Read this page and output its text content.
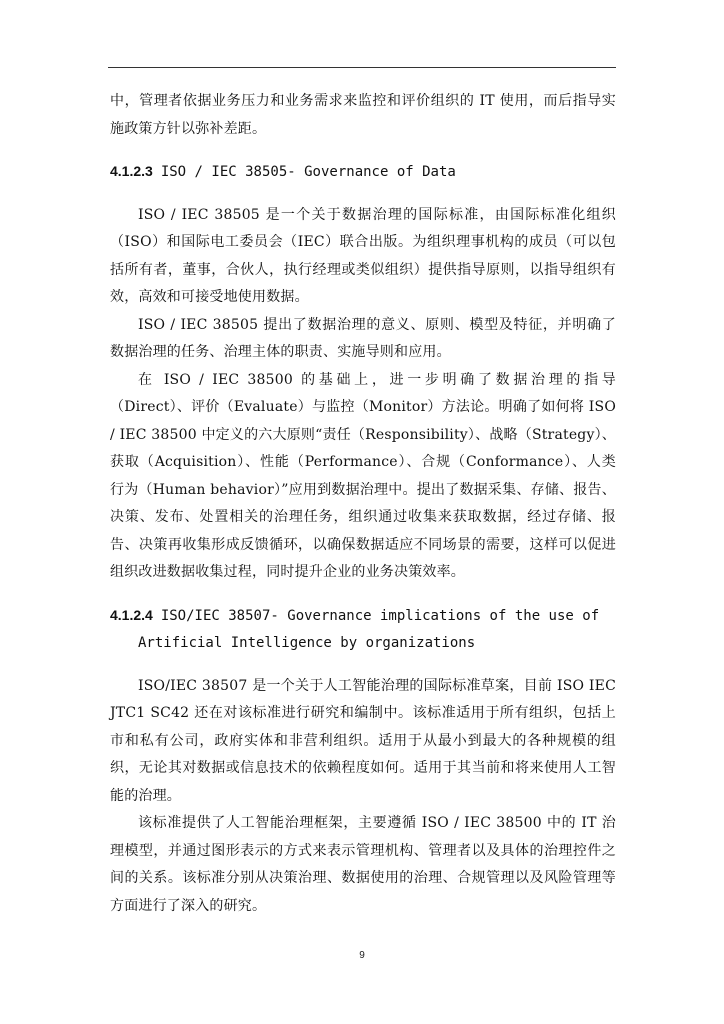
中，管理者依据业务压力和业务需求来监控和评价组织的 IT 使用，而后指导实施政策方针以弥补差距。

4.1.2.3 ISO / IEC 38505- Governance of Data

ISO / IEC 38505 是一个关于数据治理的国际标准，由国际标准化组织（ISO）和国际电工委员会（IEC）联合出版。为组织理事机构的成员（可以包括所有者，董事，合伙人，执行经理或类似组织）提供指导原则，以指导组织有效，高效和可接受地使用数据。

ISO / IEC 38505 提出了数据治理的意义、原则、模型及特征，并明确了数据治理的任务、治理主体的职责、实施导则和应用。

在 ISO / IEC 38500 的基础上，进一步明确了数据治理的指导（Direct）、评价（Evaluate）与监控（Monitor）方法论。明确了如何将 ISO / IEC 38500 中定义的六大原则“责任（Responsibility）、战略（Strategy）、获取（Acquisition）、性能（Performance）、合规（Conformance）、人类行为（Human behavior）”应用到数据治理中。提出了数据采集、存储、报告、决策、发布、处置相关的治理任务，组织通过收集来获取数据，经过存储、报告、决策再收集形成反馈循环，以确保数据适应不同场景的需要，这样可以促进组织改进数据收集过程，同时提升企业的业务决策效率。

4.1.2.4 ISO/IEC 38507- Governance implications of the use of
Artificial Intelligence by organizations

ISO/IEC 38507 是一个关于人工智能治理的国际标准草案，目前 ISO IEC JTC1 SC42 还在对该标准进行研究和编制中。该标准适用于所有组织，包括上市和私有公司，政府实体和非营利组织。适用于从最小到最大的各种规模的组织，无论其对数据或信息技术的依赖程度如何。适用于其当前和将来使用人工智能的治理。

该标准提供了人工智能治理框架，主要遵循 ISO / IEC 38500 中的 IT 治理模型，并通过图形表示的方式来表示管理机构、管理者以及具体的治理控件之间的关系。该标准分别从决策治理、数据使用的治理、合规管理以及风险管理等方面进行了深入的研究。

9
